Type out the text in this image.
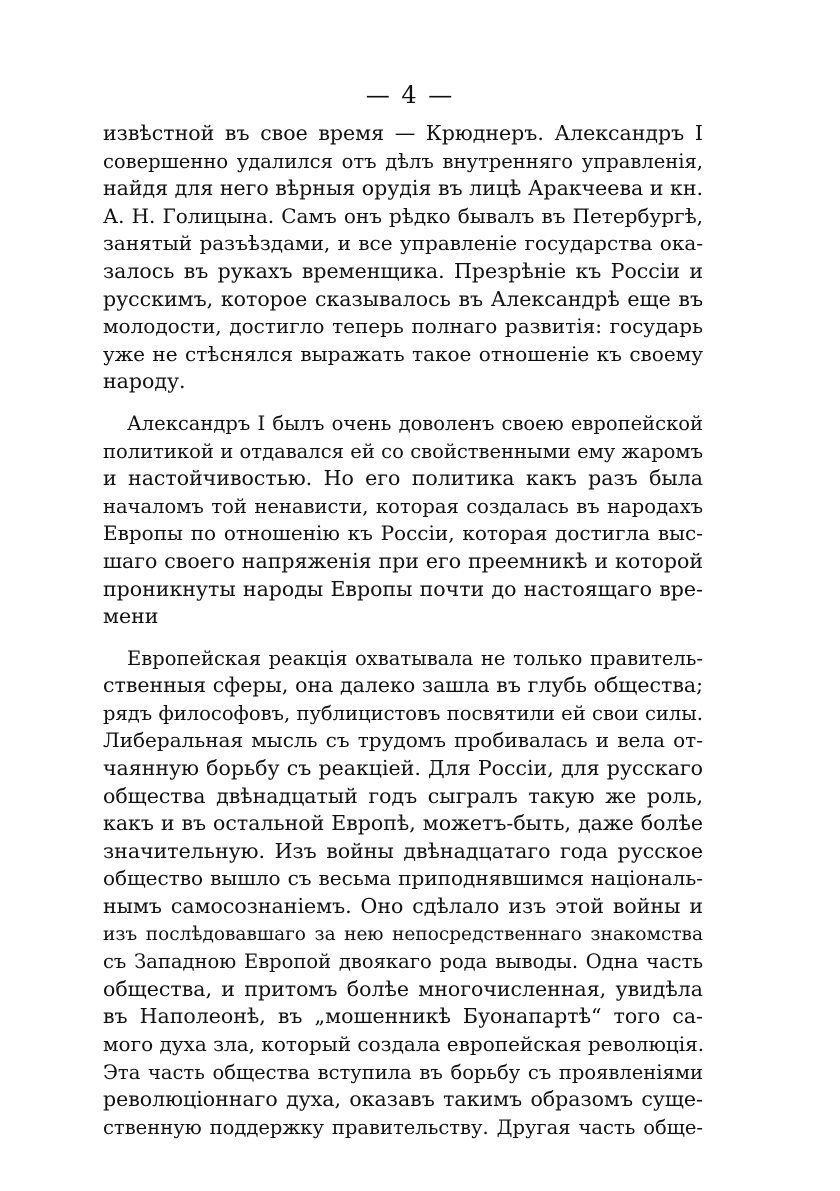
— 4 —
извѣстной въ свое время — Крюднеръ. Александръ I
совершенно удалился отъ дѣлъ внутренняго управленія,
найдя для него вѣрныя орудія въ лицѣ Аракчеева и кн.
А. Н. Голицына. Самъ онъ рѣдко бывалъ въ Петербургѣ,
занятый разъѣздами, и все управленіе государства ока-
залось въ рукахъ временщика. Презрѣніе къ Россіи и
русскимъ, которое сказывалось въ Александрѣ еще въ
молодости, достигло теперь полнаго развитія: государь
уже не стѣснялся выражать такое отношеніе къ своему
народу.
Александръ I былъ очень доволенъ своею европейской
политикой и отдавался ей со свойственными ему жаромъ
и настойчивостью. Но его политика какъ разъ была
началомъ той ненависти, которая создалась въ народахъ
Европы по отношенію къ Россіи, которая достигла выс-
шаго своего напряженія при его преемникѣ и которой
проникнуты народы Европы почти до настоящаго вре-
мени
Европейская реакція охватывала не только правитель-
ственныя сферы, она далеко зашла въ глубь общества;
рядъ философовъ, публицистовъ посвятили ей свои силы.
Либеральная мысль съ трудомъ пробивалась и вела от-
чаянную борьбу съ реакціей. Для Россіи, для русскаго
общества двѣнадцатый годъ сыгралъ такую же роль,
какъ и въ остальной Европѣ, можетъ-быть, даже болѣе
значительную. Изъ войны двѣнадцатаго года русское
общество вышло съ весьма приподнявшимся національ-
нымъ самосознаніемъ. Оно сдѣлало изъ этой войны и
изъ послѣдовавшаго за нею непосредственнаго знакомства
съ Западною Европой двоякаго рода выводы. Одна часть
общества, и притомъ болѣе многочисленная, увидѣла
въ Наполеонѣ, въ „мошенникѣ Буонапартѣ“ того са-
мого духа зла, который создала европейская революція.
Эта часть общества вступила въ борьбу съ проявленіями
революціоннаго духа, оказавъ такимъ образомъ суще-
ственную поддержку правительству. Другая часть обще-
